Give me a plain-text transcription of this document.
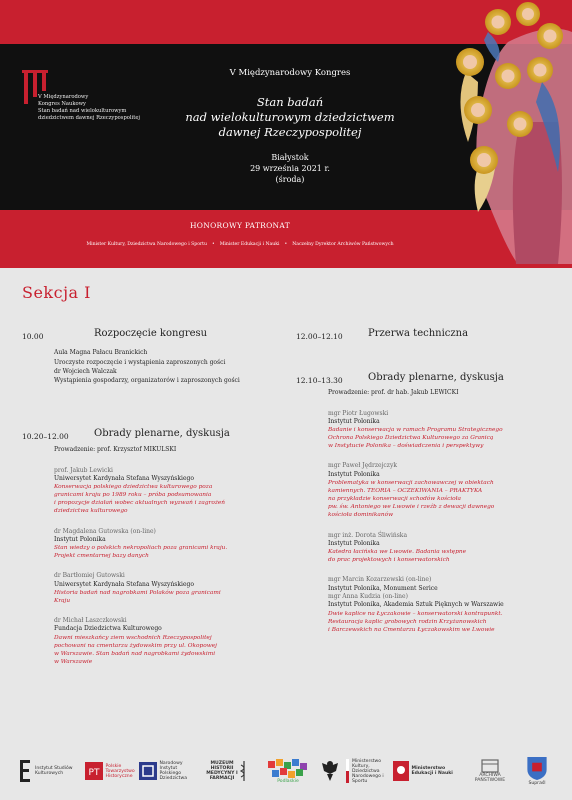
V Międzynarodowy
Kongres Naukowy
Stan badań nad wielokulturowym
dziedzictwem dawnej Rzeczypospolitej
V Międzynarodowy Kongres
Stan badań
nad wielokulturowym dziedzictwem
dawnej Rzeczypospolitej
Białystok
29 września 2021 r.
(środa)
HONOROWY PATRONAT
Minister Kultury, Dziedzictwa Narodowego i Sportu • Minister Edukacji i Nauki • Naczelny Dyrektor Archiwów Państwowych
Sekcja I
10.00	Rozpoczęcie kongresu
Aula Magna Pałacu Branickich
Uroczyste rozpoczęcie i wystąpienia zaproszonych gości
dr Wojciech Walczak
Wystąpienia gospodarzy, organizatorów i zaproszonych gości
10.20–12.00	Obrady plenarne, dyskusja
Prowadzenie: prof. Krzysztof MIKULSKI
prof. Jakub Lewicki
Uniwersytet Kardynała Stefana Wyszyńskiego
Konserwacja polskiego dziedzictwa kulturowego poza
granicami kraju po 1989 roku – próba podsumowania
i propozycje działań wobec aktualnych wyzwań i zagrożeń
dziedzictwa kulturowego
dr Magdalena Gutowska (on-line)
Instytut Polonika
Stan wiedzy o polskich nekropoliach poza granicami kraju.
Projekt cmentarnej bazy danych
dr Bartłomiej Gutowski
Uniwersytet Kardynała Stefana Wyszyńskiego
Historia badań nad nagrobkami Polaków poza granicami
Kraju
dr Michał Laszczkowski
Fundacja Dziedzictwa Kulturowego
Dawni mieszkańcy ziem wschodnich Rzeczypospolitej
pochowani na cmentarzu żydowskim przy ul. Okopowej
w Warszawie. Stan badań nad nagrobkami żydowskimi
w Warszawie
12.00–12.10	Przerwa techniczna
12.10–13.30	Obrady plenarne, dyskusja
Prowadzenie: prof. dr hab. Jakub LEWICKI
mgr Piotr Ługowski
Instytut Polonika
Badanie i konserwacja w ramach Programu Strategicznego
Ochrona Polskiego Dziedzictwa Kulturowego za Granicą
w Instytucie Polonika – doświadczenia i perspektywy
mgr Paweł Jędrzejczyk
Instytut Polonika
Problematyka w konserwacji zachowawczej w obiektach
kamiennych. TEORIA – OCZEKIWANIA – PRAKTYKA
na przykładzie konserwacji schodów kościoła
pw. św. Antoniego we Lwowie i rzeźb z dewacji dawnego
kościoła dominikanów
mgr inż. Dorota Śliwińska
Instytut Polonika
Katedra łacińska we Lwowie. Badania wstępne
do prac projektowych i konserwatorskich
mgr Marcin Kozarzewski (on-line)
Instytut Polonika, Monument Serice
mgr Anna Kudzia (on-line)
Instytut Polonika, Akademia Sztuk Pięknych w Warszawie
Dwie kaplice na Łyczakowie – konserwatorski kontrapunkt.
Restauracja kaplic grobowych rodzin Krzyżanowskich
i Barczewskich na Cmentarzu Łyczakowskim we Lwowie
Instytut Studiów Kulturowych	PT
Polskie Towarzystwo Historyczne
Narodowy Instytut Polskiego Dziedzictwa
MUZEUM HISTORII MEDYCYNY I FARMACJI	Podlaskie
Ministerstwo Kultury, Dziedzictwa Narodowego i Sportu
Ministerstwo Edukacji i Nauki	ARCHIWA PAŃSTWOWE
Supraśl
